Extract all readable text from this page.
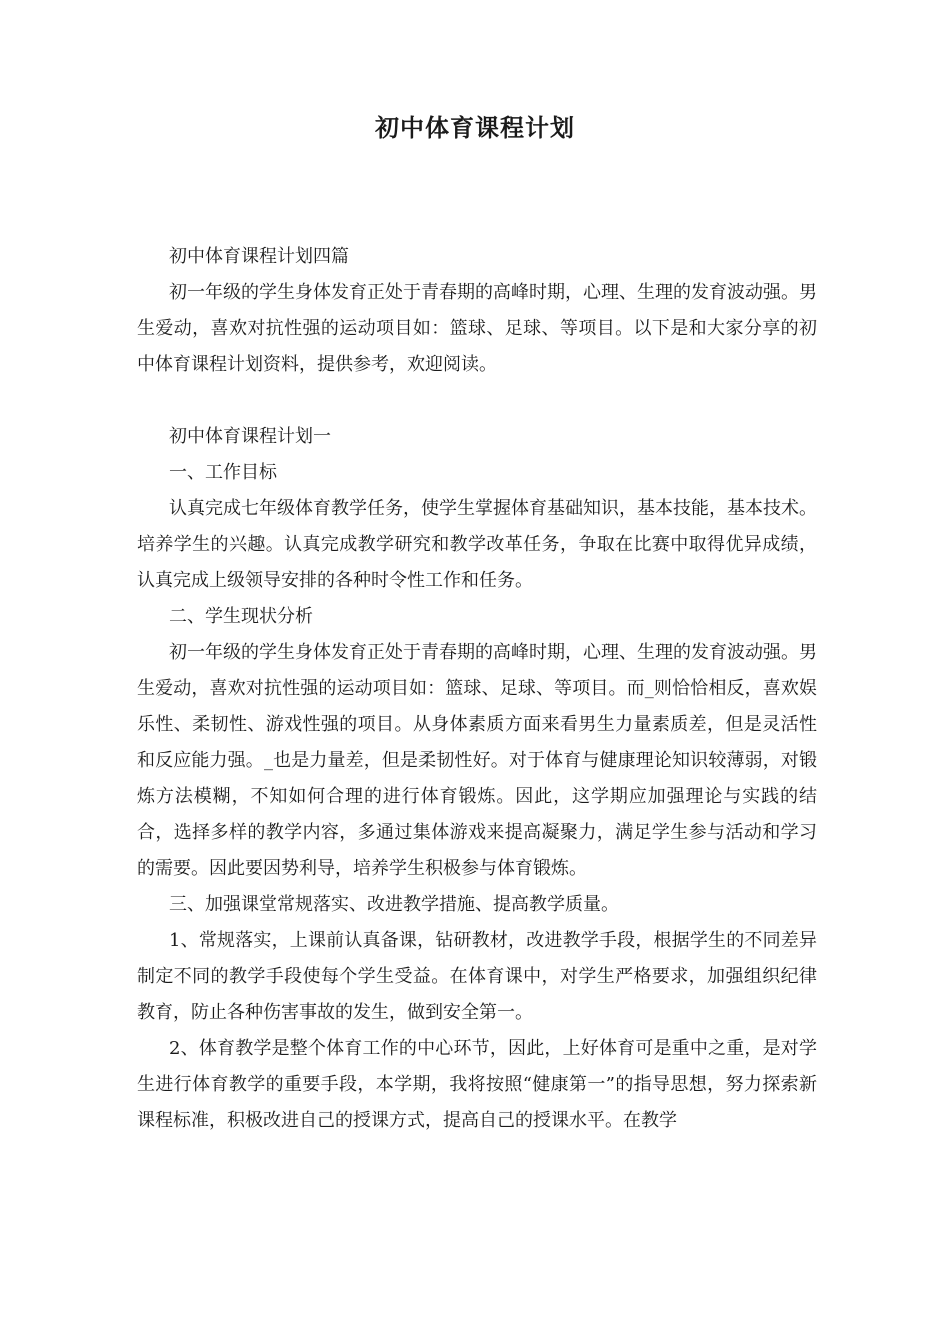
初中体育课程计划

初中体育课程计划四篇

初一年级的学生身体发育正处于青春期的高峰时期，心理、生理的发育波动强。男生爱动，喜欢对抗性强的运动项目如：篮球、足球、等项目。以下是和大家分享的初中体育课程计划资料，提供参考，欢迎阅读。

初中体育课程计划一

一、工作目标

认真完成七年级体育教学任务，使学生掌握体育基础知识，基本技能，基本技术。培养学生的兴趣。认真完成教学研究和教学改革任务，争取在比赛中取得优异成绩，认真完成上级领导安排的各种时令性工作和任务。

二、学生现状分析

初一年级的学生身体发育正处于青春期的高峰时期，心理、生理的发育波动强。男生爱动，喜欢对抗性强的运动项目如：篮球、足球、等项目。而_则恰恰相反，喜欢娱乐性、柔韧性、游戏性强的项目。从身体素质方面来看男生力量素质差，但是灵活性和反应能力强。_也是力量差，但是柔韧性好。对于体育与健康理论知识较薄弱，对锻炼方法模糊，不知如何合理的进行体育锻炼。因此，这学期应加强理论与实践的结合，选择多样的教学内容，多通过集体游戏来提高凝聚力，满足学生参与活动和学习的需要。因此要因势利导，培养学生积极参与体育锻炼。

三、加强课堂常规落实、改进教学措施、提高教学质量。

1、常规落实，上课前认真备课，钻研教材，改进教学手段，根据学生的不同差异制定不同的教学手段使每个学生受益。在体育课中，对学生严格要求，加强组织纪律教育，防止各种伤害事故的发生，做到安全第一。

2、体育教学是整个体育工作的中心环节，因此，上好体育可是重中之重，是对学生进行体育教学的重要手段，本学期，我将按照“健康第一”的指导思想，努力探索新课程标准，积极改进自己的授课方式，提高自己的授课水平。在教学
